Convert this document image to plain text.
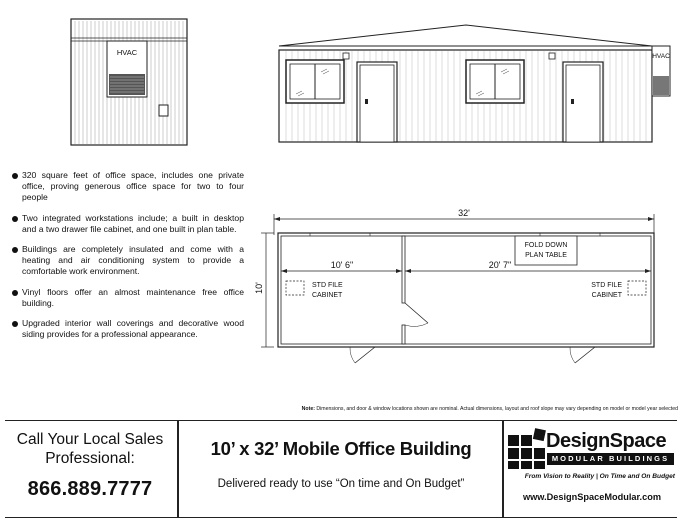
HVAC	HVAC
32'
10'
10' 6"	20' 7"
FOLD DOWN
PLAN TABLE
STD FILE
CABINET
STD FILE
CABINET
320 square feet of office space, includes one private office, proving generous office space for two to four people
Two integrated workstations include; a built in desktop and a two drawer file cabinet, and one built in plan table.
Buildings are completely insulated and come with a heating and air conditioning system to provide a comfortable work environment.
Vinyl floors offer an almost maintenance free office building.
Upgraded interior wall coverings and decorative wood siding provides for a professional appearance.
Note: Dimensions, and door & window locations shown are nominal. Actual dimensions, layout and roof slope may vary depending on model or model year selected
Call Your Local Sales
Professional:
866.889.7777
10’ x 32’ Mobile Office Building
Delivered ready to use “On time and On Budget”
DesignSpace
MODULAR BUILDINGS
From Vision to Reality | On Time and On Budget
www.DesignSpaceModular.com
